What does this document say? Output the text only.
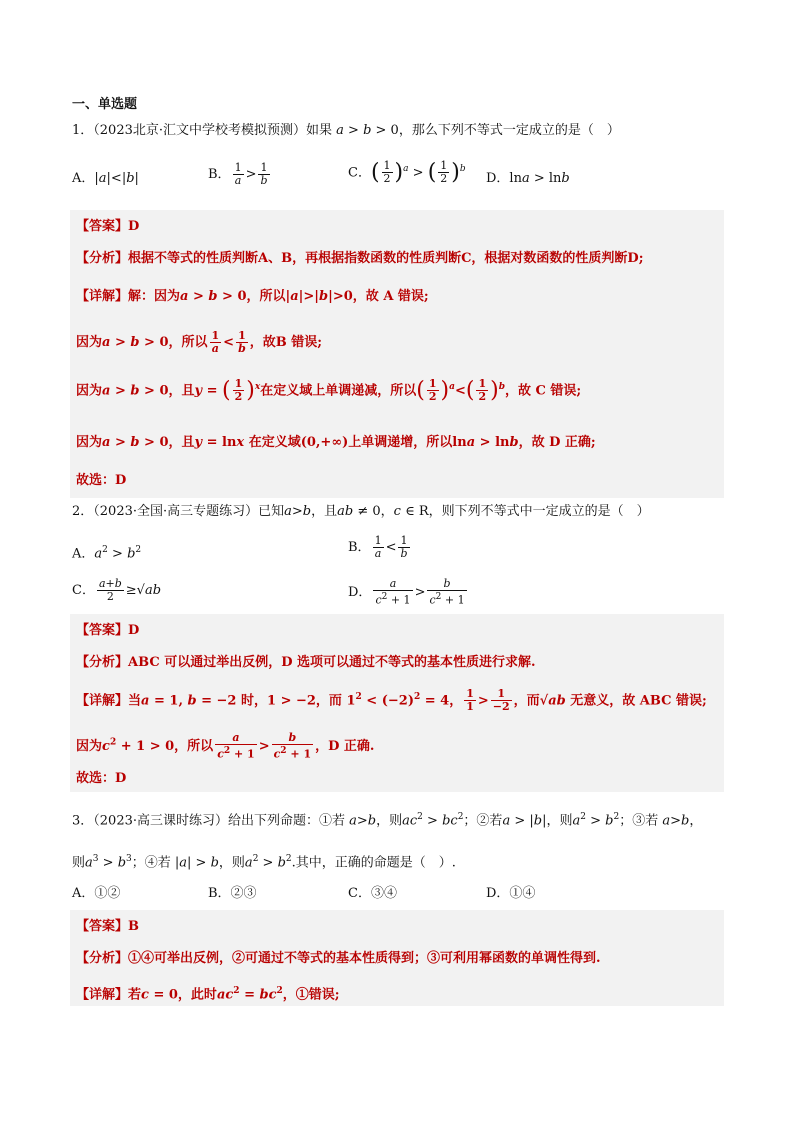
一、单选题
1．（2023北京·汇文中学校考模拟预测）如果 a > b > 0，那么下列不等式一定成立的是（　）
A．|a|<|b|	B． $\frac{1}{a} > \frac{1}{b}$	C．( $\frac{1}{2} )^a$ > ( $\frac{1}{2} )^b$
D．lna > lnb
【答案】D
【分析】根据不等式的性质判断A、B，再根据指数函数的性质判断C，根据对数函数的性质判断D;
【详解】解：因为a > b > 0，所以|a|>|b|>0，故 A 错误;
因为a > b > 0，所以 $\frac{1}{a} < \frac{1}{b}$ ，故B 错误;
因为a > b > 0，且y = ( $\frac{1}{2} )^x$在定义域上单调递减，所以( $\frac{1}{2} )^a<( \frac{1}{2} )^b$，故 C 错误;
因为a > b > 0，且y = lnx 在定义域(0,+∞)上单调递增，所以lna > lnb，故 D 正确;
故选：D
2．（2023·全国·高三专题练习）已知a>b，且ab ≠ 0，c ∈ R，则下列不等式中一定成立的是（　）
A．$a^2 > b^2$	B． $\frac{1}{a} < \frac{1}{b}$
C． $\frac{a+b}{2} \ge√ab$	D． $\frac{a}{c^2 + 1} > \frac{b}{c^2 + 1}$
【答案】D
【分析】ABC 可以通过举出反例，D 选项可以通过不等式的基本性质进行求解.
【详解】当a = 1, b = −2 时，1 > −2，而 $1^2 < (-2)^2 = 4$， $\frac{1}{1} > \frac{1}{-2}$ ，而√ab 无意义，故 ABC 错误;
因为$c^2 + 1 > 0$，所以 $\frac{a}{c^2 + 1} > \frac{b}{c^2 + 1}$ ，D 正确.
故选：D
3．（2023·高三课时练习）给出下列命题：①若 a>b，则$ac^2 > bc^2$；②若a > |b|，则$a^2 > b^2$；③若 a>b，
则$a^3 > b^3$；④若 |a| > b，则$a^2 > b^2$.其中，正确的命题是（　）.
A．①②	B．②③	C．③④	D．①④
【答案】B
【分析】①④可举出反例，②可通过不等式的基本性质得到；③可利用幂函数的单调性得到.
【详解】若c = 0，此时$ac^2 = bc^2$，①错误;
